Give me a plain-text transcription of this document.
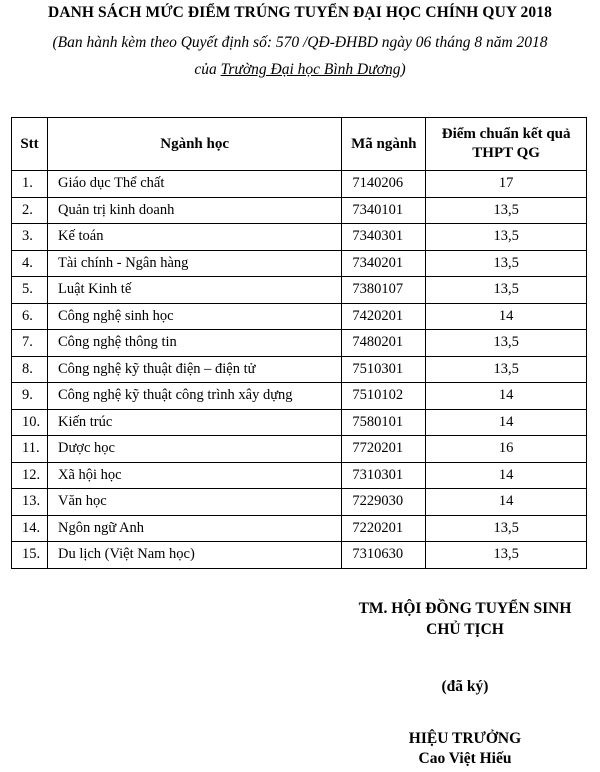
DANH SÁCH MỨC ĐIỂM TRÚNG TUYỂN ĐẠI HỌC CHÍNH QUY 2018
(Ban hành kèm theo Quyết định số: 570 /QĐ-ĐHBD ngày 06 tháng 8 năm 2018
của Trường Đại học Bình Dương)
Stt	Ngành học	Mã ngành	Điểm chuẩn kết quả
THPT QG

1.	Giáo dục Thể chất	7140206	17
2.	Quản trị kinh doanh	7340101	13,5
3.	Kế toán	7340301	13,5
4.	Tài chính - Ngân hàng	7340201	13,5
5.	Luật Kinh tế	7380107	13,5
6.	Công nghệ sinh học	7420201	14
7.	Công nghệ thông tin	7480201	13,5
8.	Công nghệ kỹ thuật điện – điện tử	7510301	13,5
9.	Công nghệ kỹ thuật công trình xây dựng	7510102	14
10.	Kiến trúc	7580101	14
11.	Dược học	7720201	16
12.	Xã hội học	7310301	14
13.	Văn học	7229030	14
14.	Ngôn ngữ Anh	7220201	13,5
15.	Du lịch (Việt Nam học)	7310630	13,5
TM. HỘI ĐỒNG TUYỂN SINH
CHỦ TỊCH
(đã ký)
HIỆU TRƯỞNG
Cao Việt Hiếu
